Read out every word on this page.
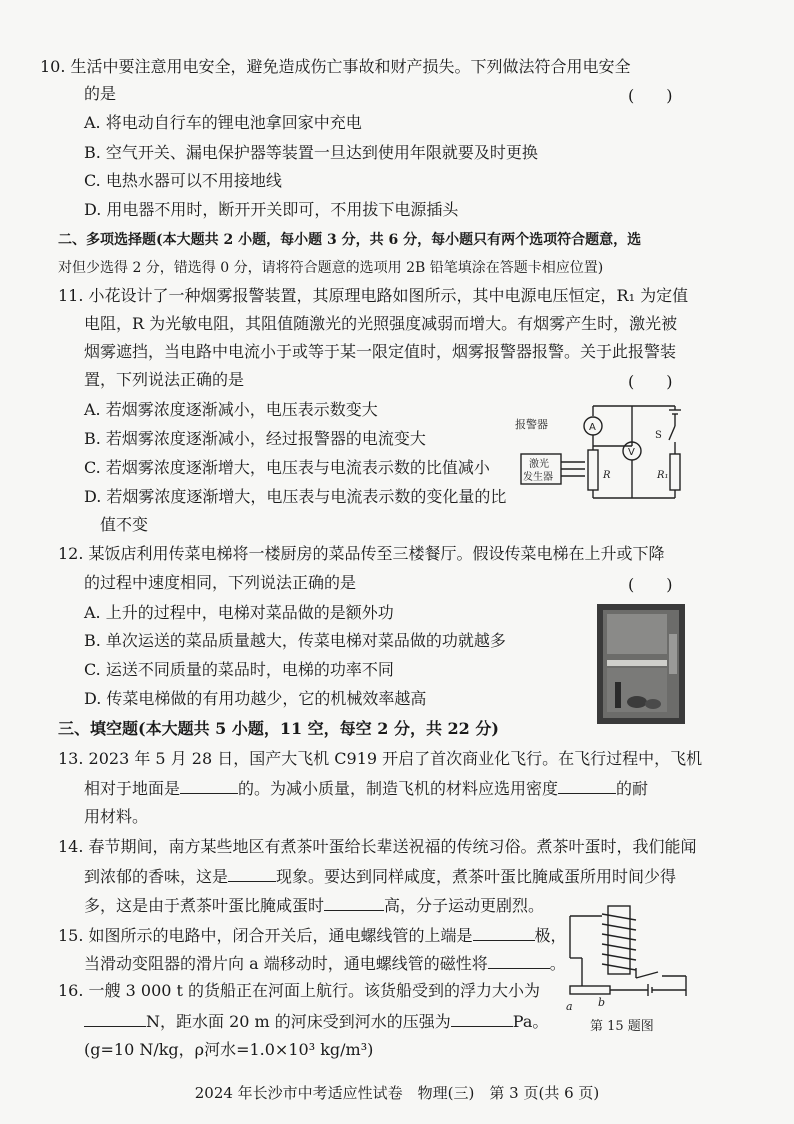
10. 生活中要注意用电安全，避免造成伤亡事故和财产损失。下列做法符合用电安全
的是	(　　)
A. 将电动自行车的锂电池拿回家中充电
B. 空气开关、漏电保护器等装置一旦达到使用年限就要及时更换
C. 电热水器可以不用接地线
D. 用电器不用时，断开开关即可，不用拔下电源插头
二、多项选择题(本大题共 2 小题，每小题 3 分，共 6 分，每小题只有两个选项符合题意，选
对但少选得 2 分，错选得 0 分，请将符合题意的选项用 2B 铅笔填涂在答题卡相应位置)
11. 小花设计了一种烟雾报警装置，其原理电路如图所示，其中电源电压恒定，R₁ 为定值
电阻，R 为光敏电阻，其阻值随激光的光照强度减弱而增大。有烟雾产生时，激光被
烟雾遮挡，当电路中电流小于或等于某一限定值时，烟雾报警器报警。关于此报警装
置，下列说法正确的是	(　　)
A. 若烟雾浓度逐渐减小，电压表示数变大
B. 若烟雾浓度逐渐减小，经过报警器的电流变大
C. 若烟雾浓度逐渐增大，电压表与电流表示数的比值减小
D. 若烟雾浓度逐渐增大，电压表与电流表示数的变化量的比
值不变
报警器	A
V
S
激光
发生器	R	R₁
12. 某饭店利用传菜电梯将一楼厨房的菜品传至三楼餐厅。假设传菜电梯在上升或下降
的过程中速度相同，下列说法正确的是	(　　)
A. 上升的过程中，电梯对菜品做的是额外功
B. 单次运送的菜品质量越大，传菜电梯对菜品做的功就越多
C. 运送不同质量的菜品时，电梯的功率不同
D. 传菜电梯做的有用功越少，它的机械效率越高
三、填空题(本大题共 5 小题，11 空，每空 2 分，共 22 分)
13. 2023 年 5 月 28 日，国产大飞机 C919 开启了首次商业化飞行。在飞行过程中，飞机
相对于地面是	的。为减小质量，制造飞机的材料应选用密度	的耐
用材料。
14. 春节期间，南方某些地区有煮茶叶蛋给长辈送祝福的传统习俗。煮茶叶蛋时，我们能闻
到浓郁的香味，这是	现象。要达到同样咸度，煮茶叶蛋比腌咸蛋所用时间少得
多，这是由于煮茶叶蛋比腌咸蛋时	高，分子运动更剧烈。
15. 如图所示的电路中，闭合开关后，通电螺线管的上端是	极，
当滑动变阻器的滑片向 a 端移动时，通电螺线管的磁性将	。
a b
第 15 题图
16. 一艘 3 000 t 的货船正在河面上航行。该货船受到的浮力大小为
N，距水面 20 m 的河床受到河水的压强为	Pa。
(g=10 N/kg，ρ河水=1.0×10³ kg/m³)
2024 年长沙市中考适应性试卷　物理(三)　第 3 页(共 6 页)
